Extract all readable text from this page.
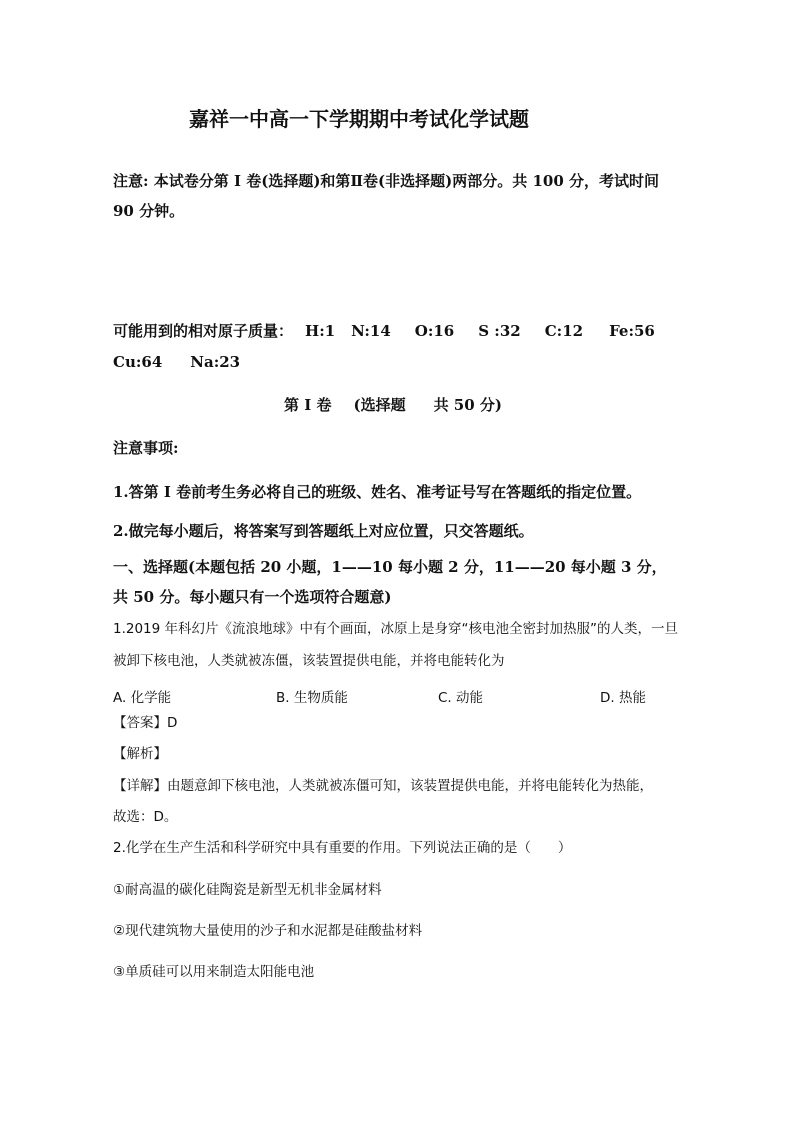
嘉祥一中高一下学期期中考试化学试题
注意: 本试卷分第 I 卷(选择题)和第Ⅱ卷(非选择题)两部分。共 100 分，考试时间
90 分钟。
可能用到的相对原子质量： H:1 N:14 O:16 S :32 C:12 Fe:56
Cu:64 Na:23
第 I 卷 (选择题 共 50 分)
注意事项:
1.答第 I 卷前考生务必将自己的班级、姓名、准考证号写在答题纸的指定位置。
2.做完每小题后，将答案写到答题纸上对应位置，只交答题纸。
一、选择题(本题包括 20 小题，1——10 每小题 2 分，11——20 每小题 3 分，
共 50 分。每小题只有一个选项符合题意)
1.2019 年科幻片《流浪地球》中有个画面，冰原上是身穿“核电池全密封加热服”的人类，一旦
被卸下核电池，人类就被冻僵，该装置提供电能，并将电能转化为
A. 化学能	B. 生物质能	C. 动能	D. 热能
【答案】D
【解析】
【详解】由题意卸下核电池，人类就被冻僵可知，该装置提供电能，并将电能转化为热能，
故选：D。
2.化学在生产生活和科学研究中具有重要的作用。下列说法正确的是（　　）
①耐高温的碳化硅陶瓷是新型无机非金属材料
②现代建筑物大量使用的沙子和水泥都是硅酸盐材料
③单质硅可以用来制造太阳能电池
